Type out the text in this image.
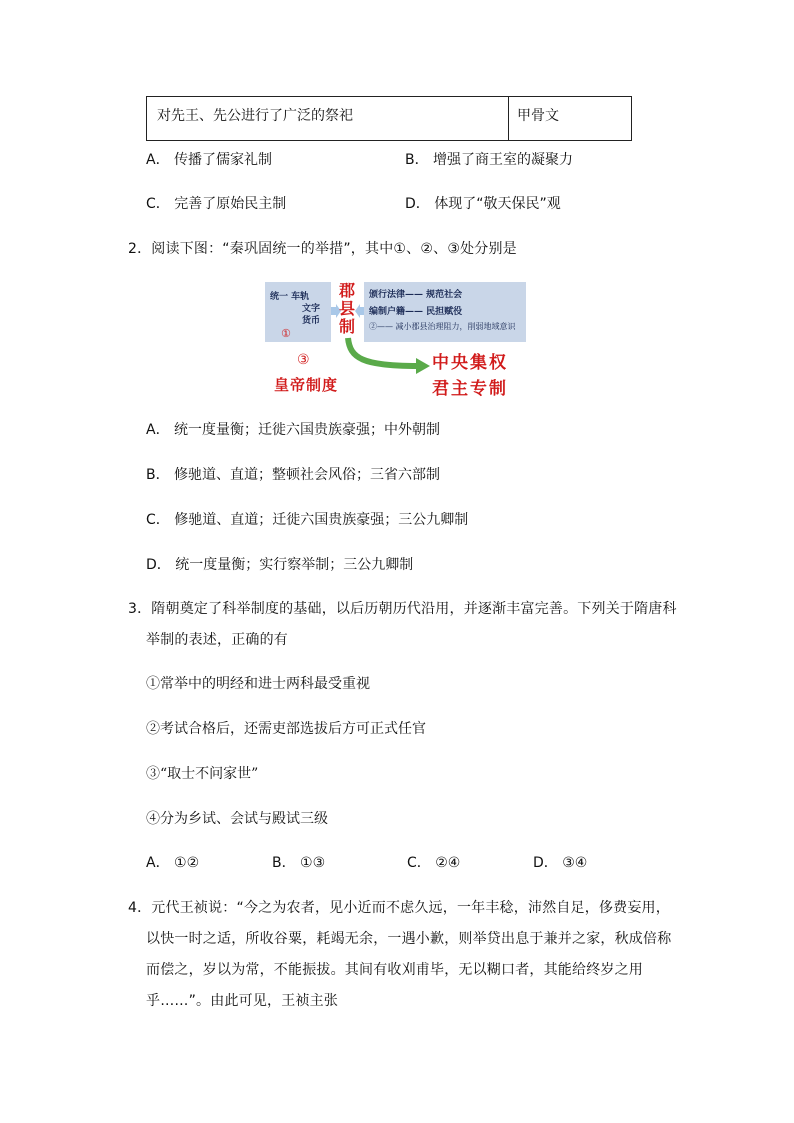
对先王、先公进行了广泛的祭祀	甲骨文
A． 传播了儒家礼制	B． 增强了商王室的凝聚力
C． 完善了原始民主制	D． 体现了“敬天保民”观
2．阅读下图：“秦巩固统一的举措”，其中①、②、③处分别是
统一 车轨
文字
货币
①
郡
县
制
颁行法律—— 规范社会
编制户籍—— 民担赋役
②—— 减小郡县治理阻力，削弱地域意识
③
皇帝制度
中央集权
君主专制
A． 统一度量衡；迁徙六国贵族豪强；中外朝制
B． 修驰道、直道；整顿社会风俗；三省六部制
C． 修驰道、直道；迁徙六国贵族豪强；三公九卿制
D． 统一度量衡；实行察举制；三公九卿制
3．隋朝奠定了科举制度的基础，以后历朝历代沿用，并逐渐丰富完善。下列关于隋唐科
举制的表述，正确的有
①常举中的明经和进士两科最受重视
②考试合格后，还需吏部选拔后方可正式任官
③“取士不问家世”
④分为乡试、会试与殿试三级
A． ①②	B． ①③	C． ②④	D． ③④
4．元代王祯说：“今之为农者，见小近而不虑久远，一年丰稔，沛然自足，侈费妄用，
以快一时之适，所收谷粟，耗竭无余，一遇小歉，则举贷出息于兼并之家，秋成倍称
而偿之，岁以为常，不能振拔。其间有收刈甫毕，无以糊口者，其能给终岁之用
乎……”。由此可见，王祯主张
